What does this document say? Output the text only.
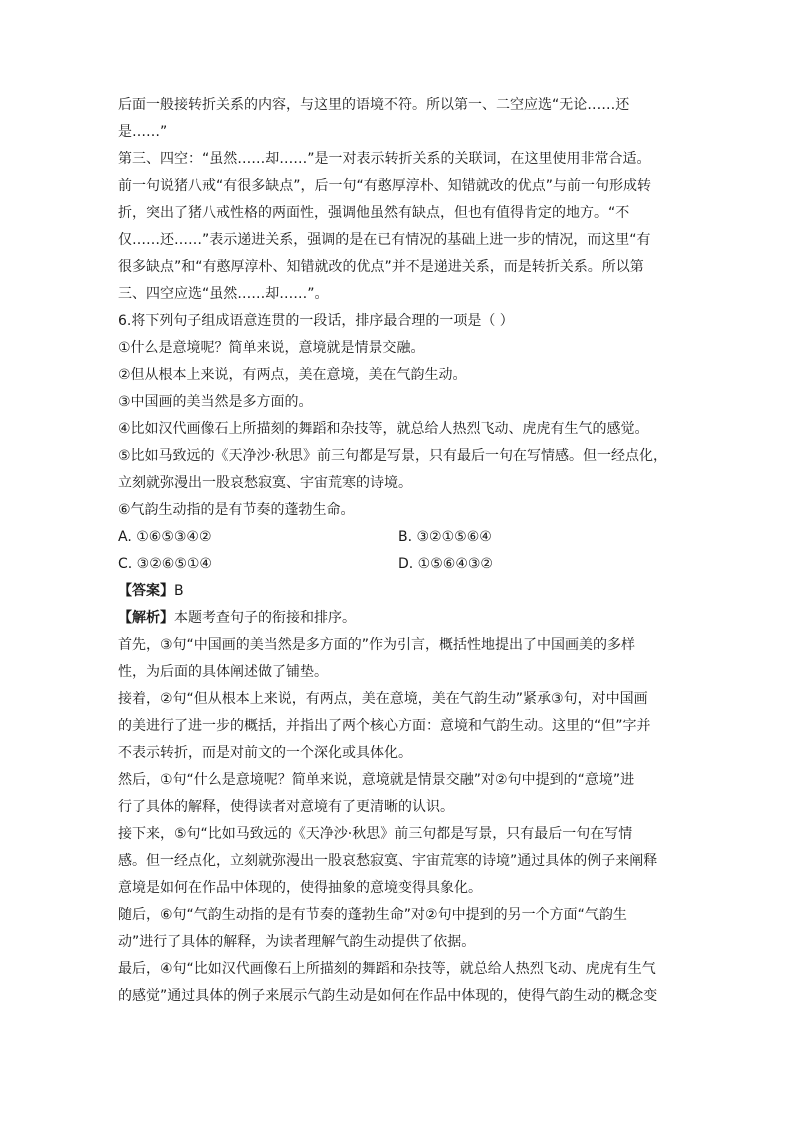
后面一般接转折关系的内容，与这里的语境不符。所以第一、二空应选“无论……还
是……”
第三、四空：“虽然……却……”是一对表示转折关系的关联词，在这里使用非常合适。
前一句说猪八戒“有很多缺点”，后一句“有憨厚淳朴、知错就改的优点”与前一句形成转
折，突出了猪八戒性格的两面性，强调他虽然有缺点，但也有值得肯定的地方。“不
仅……还……”表示递进关系，强调的是在已有情况的基础上进一步的情况，而这里“有
很多缺点”和“有憨厚淳朴、知错就改的优点”并不是递进关系，而是转折关系。所以第
三、四空应选“虽然……却……”。
6.将下列句子组成语意连贯的一段话，排序最合理的一项是（ ）
①什么是意境呢？简单来说，意境就是情景交融。
②但从根本上来说，有两点，美在意境，美在气韵生动。
③中国画的美当然是多方面的。
④比如汉代画像石上所描刻的舞蹈和杂技等，就总给人热烈飞动、虎虎有生气的感觉。
⑤比如马致远的《天净沙·秋思》前三句都是写景，只有最后一句在写情感。但一经点化，
立刻就弥漫出一股哀愁寂寞、宇宙荒寒的诗境。
⑥气韵生动指的是有节奏的蓬勃生命。
A. ①⑥⑤③④②	B. ③②①⑤⑥④
C. ③②⑥⑤①④	D. ①⑤⑥④③②
【答案】B
【解析】本题考查句子的衔接和排序。
首先，③句“中国画的美当然是多方面的”作为引言，概括性地提出了中国画美的多样
性，为后面的具体阐述做了铺垫。
接着，②句“但从根本上来说，有两点，美在意境，美在气韵生动”紧承③句，对中国画
的美进行了进一步的概括，并指出了两个核心方面：意境和气韵生动。这里的“但”字并
不表示转折，而是对前文的一个深化或具体化。
然后，①句“什么是意境呢？简单来说，意境就是情景交融”对②句中提到的“意境”进
行了具体的解释，使得读者对意境有了更清晰的认识。
接下来，⑤句“比如马致远的《天净沙·秋思》前三句都是写景，只有最后一句在写情
感。但一经点化，立刻就弥漫出一股哀愁寂寞、宇宙荒寒的诗境”通过具体的例子来阐释
意境是如何在作品中体现的，使得抽象的意境变得具象化。
随后，⑥句“气韵生动指的是有节奏的蓬勃生命”对②句中提到的另一个方面“气韵生
动”进行了具体的解释，为读者理解气韵生动提供了依据。
最后，④句“比如汉代画像石上所描刻的舞蹈和杂技等，就总给人热烈飞动、虎虎有生气
的感觉”通过具体的例子来展示气韵生动是如何在作品中体现的，使得气韵生动的概念变
